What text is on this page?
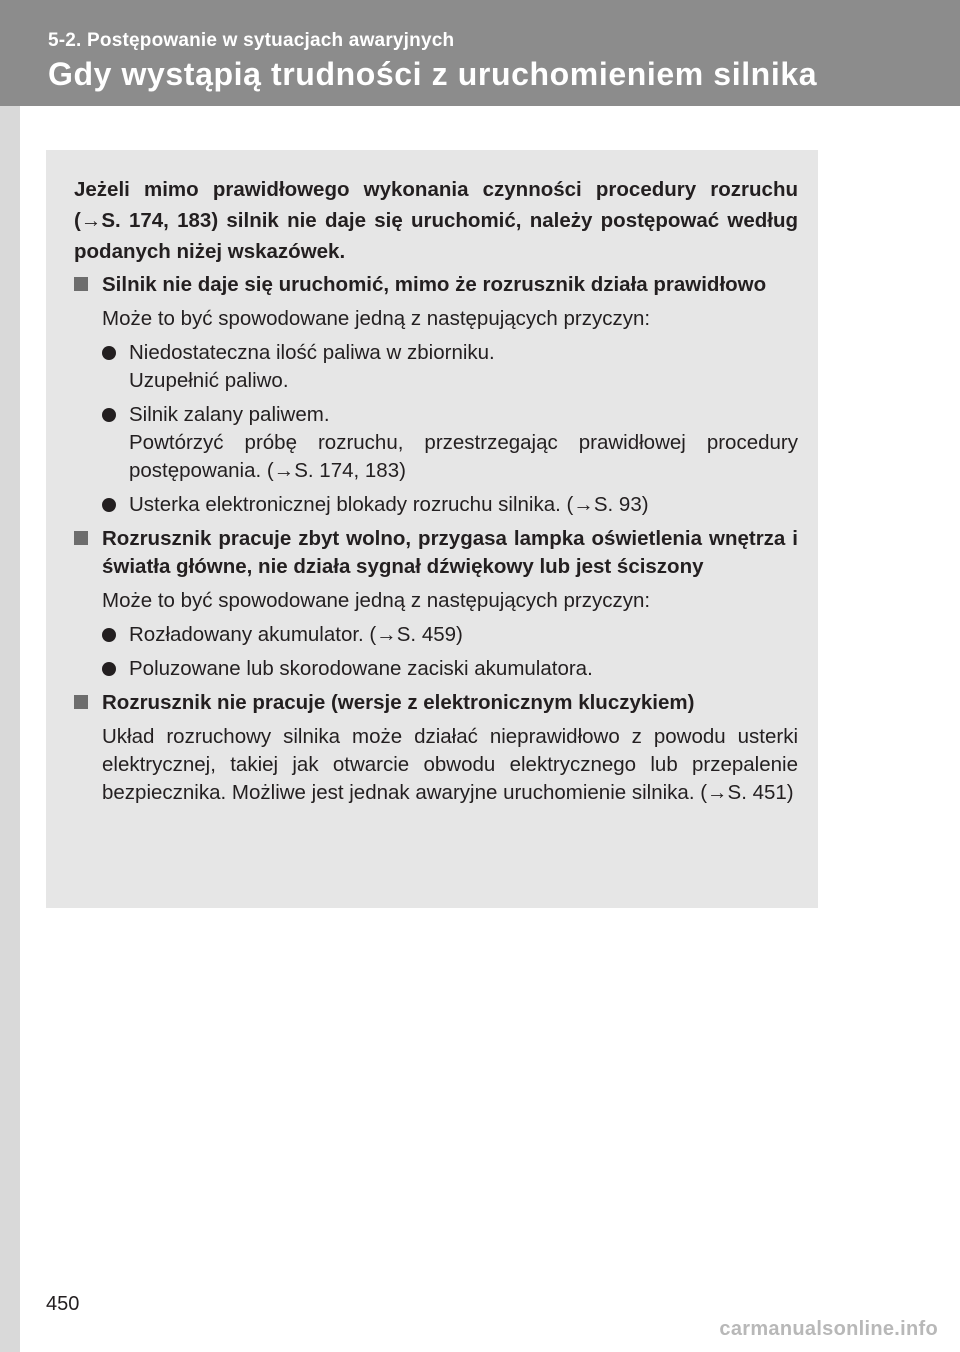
5-2. Postępowanie w sytuacjach awaryjnych
Gdy wystąpią trudności z uruchomieniem silnika

Jeżeli mimo prawidłowego wykonania czynności procedury rozruchu (→S. 174, 183) silnik nie daje się uruchomić, należy postępować według podanych niżej wskazówek.

Silnik nie daje się uruchomić, mimo że rozrusznik działa prawidłowo

Może to być spowodowane jedną z następujących przyczyn:

Niedostateczna ilość paliwa w zbiorniku.
Uzupełnić paliwo.
Silnik zalany paliwem.
Powtórzyć próbę rozruchu, przestrzegając prawidłowej procedury postępowania. (→S. 174, 183)
Usterka elektronicznej blokady rozruchu silnika. (→S. 93)

Rozrusznik pracuje zbyt wolno, przygasa lampka oświetlenia wnętrza i światła główne, nie działa sygnał dźwiękowy lub jest ściszony

Może to być spowodowane jedną z następujących przyczyn:

Rozładowany akumulator. (→S. 459)
Poluzowane lub skorodowane zaciski akumulatora.

Rozrusznik nie pracuje (wersje z elektronicznym kluczykiem)

Układ rozruchowy silnika może działać nieprawidłowo z powodu usterki elektrycznej, takiej jak otwarcie obwodu elektrycznego lub przepalenie bezpiecznika. Możliwe jest jednak awaryjne uruchomienie silnika. (→S. 451)

450
carmanualsonline.info
